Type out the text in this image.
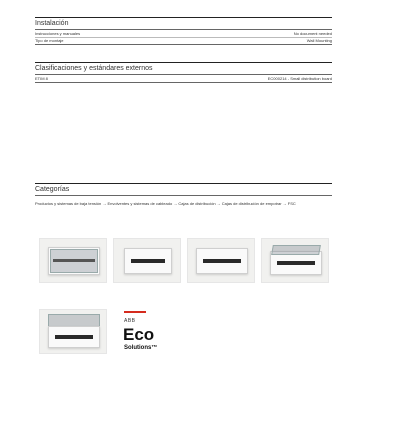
Instalación
Instrucciones y manuales	No document needed
Tipo de montaje	Wall Mounting
Clasificaciones y estándares externos
ETIM 8	EC000214 - Small distribution board
Categorías
Productos y sistemas de baja tensión → Envolventes y sistemas de cableado → Cajas de distribución → Cajas de distribución de empotrar → FSC
ABB
Eco
Solutions™
